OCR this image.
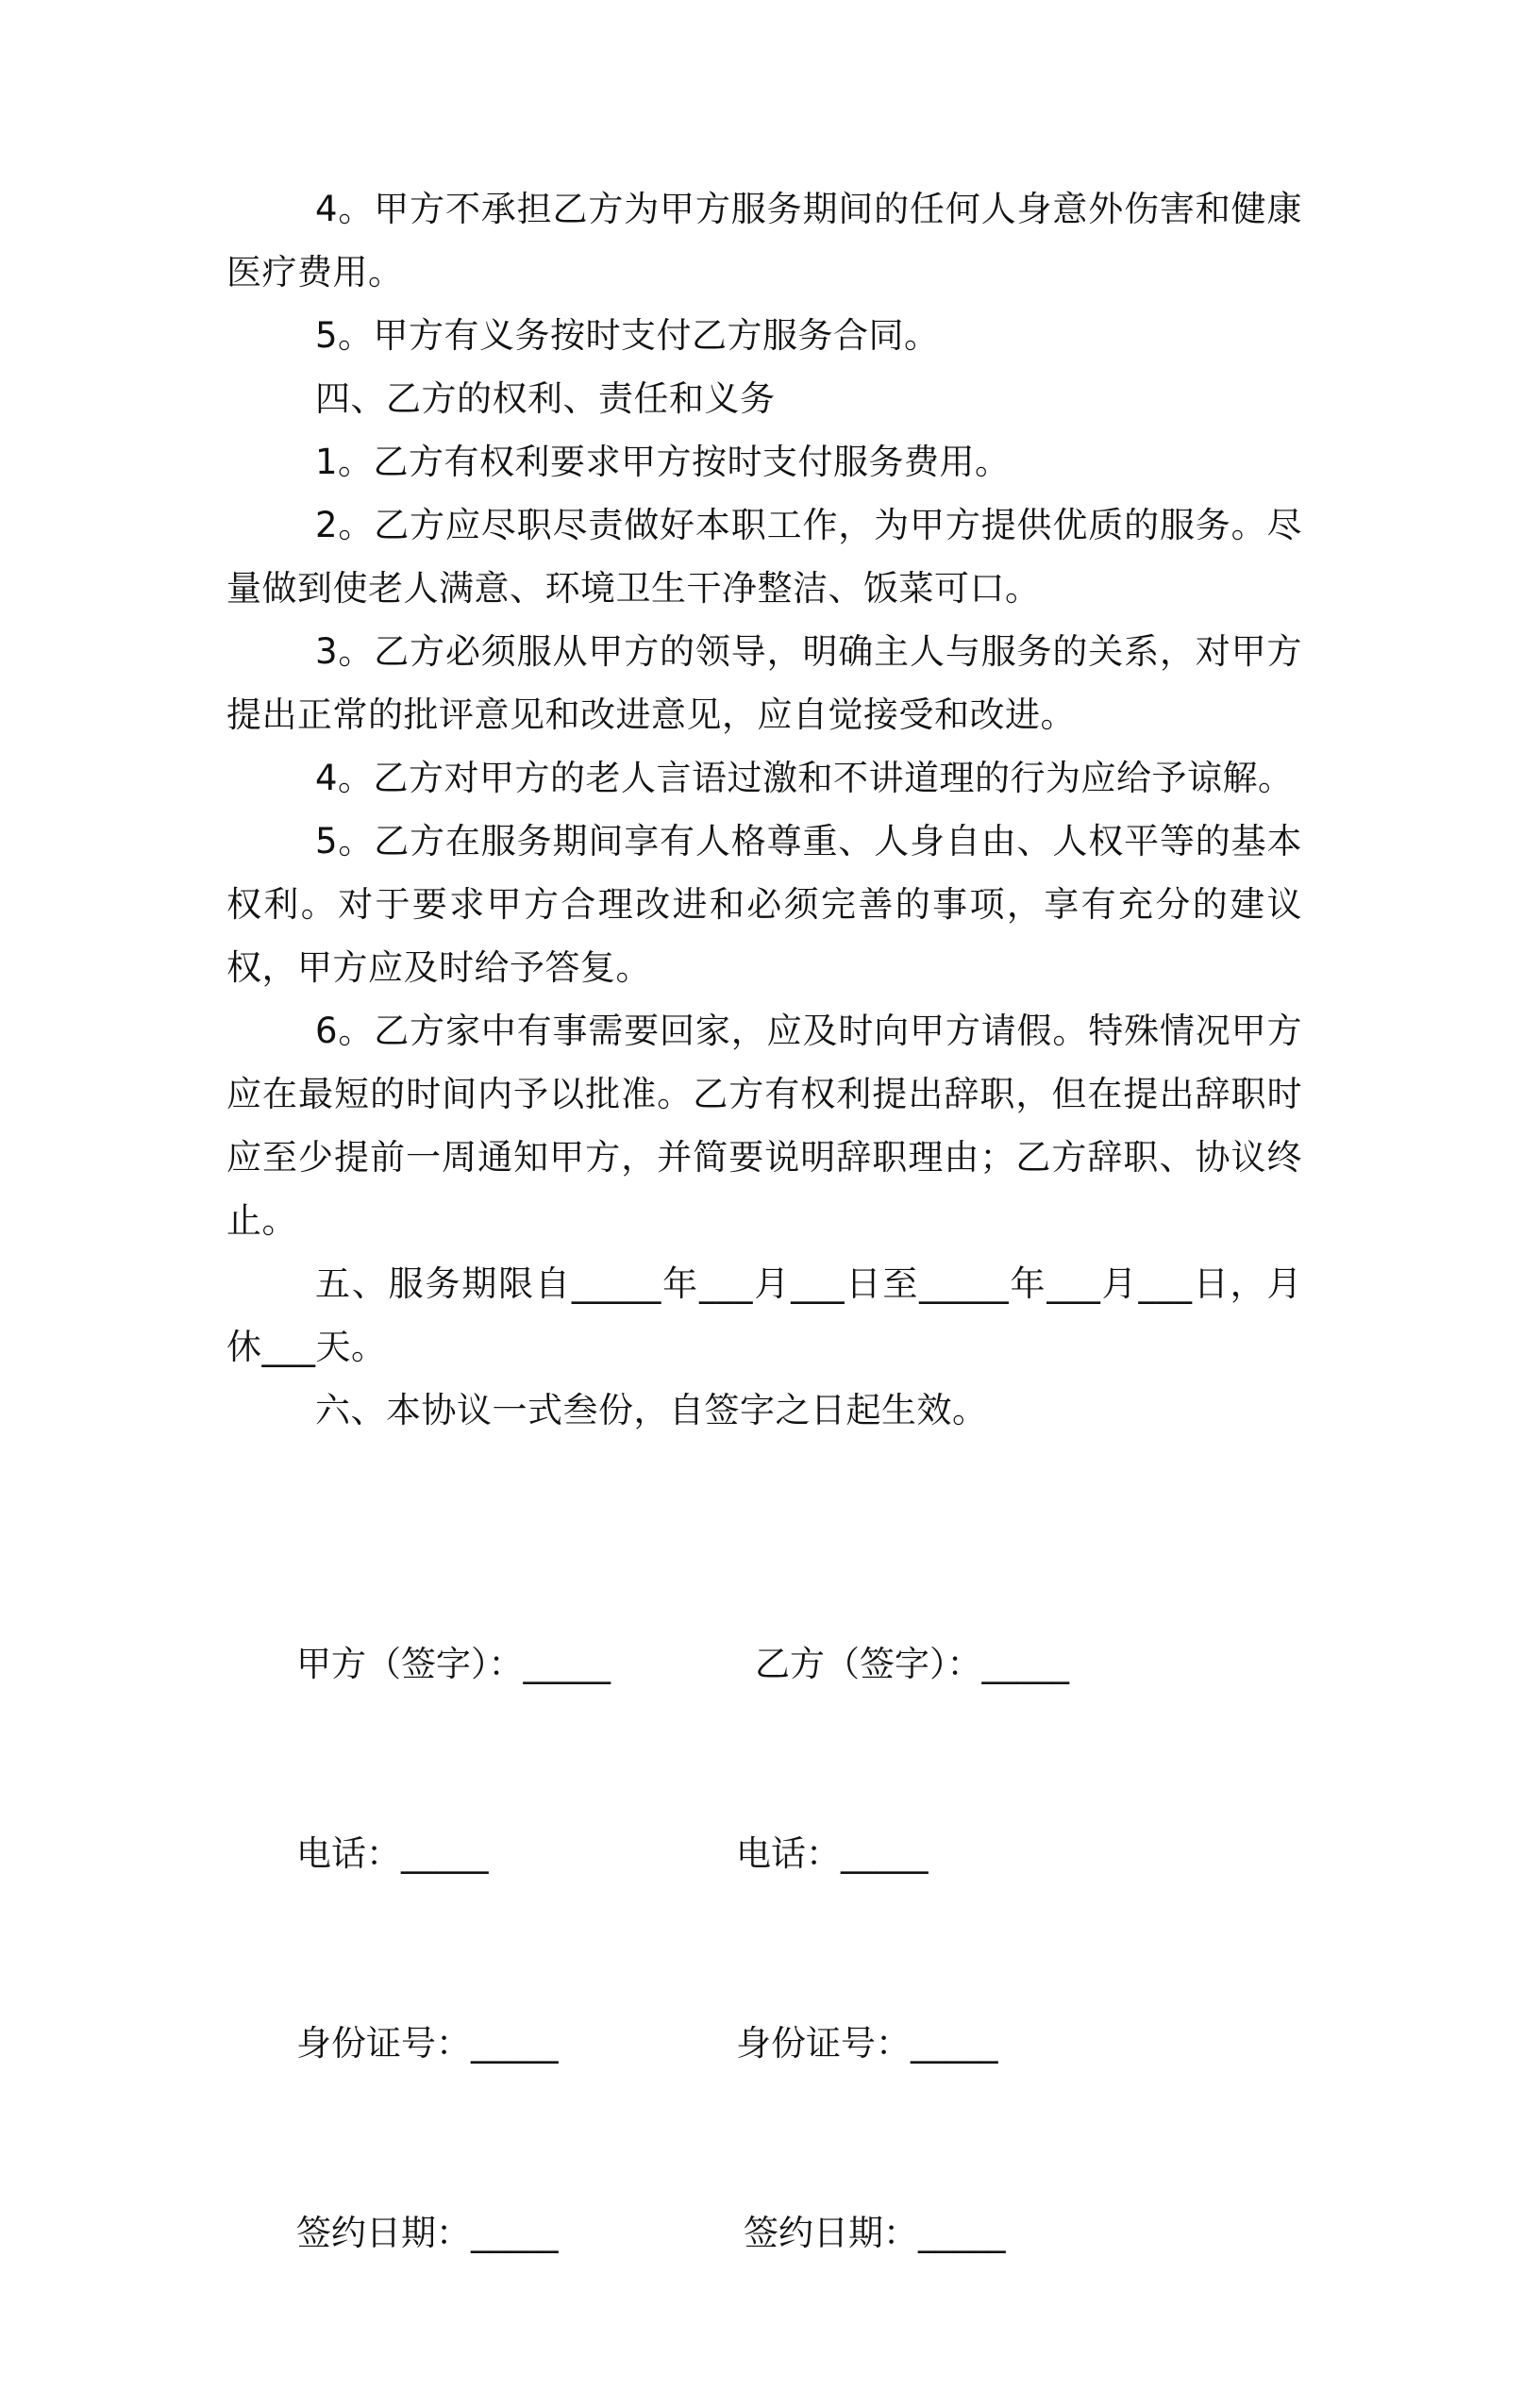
4。甲方不承担乙方为甲方服务期间的任何人身意外伤害和健康医疗费用。

5。甲方有义务按时支付乙方服务合同。

四、乙方的权利、责任和义务

1。乙方有权利要求甲方按时支付服务费用。

2。乙方应尽职尽责做好本职工作，为甲方提供优质的服务。尽量做到使老人满意、环境卫生干净整洁、饭菜可口。

3。乙方必须服从甲方的领导，明确主人与服务的关系，对甲方提出正常的批评意见和改进意见，应自觉接受和改进。

4。乙方对甲方的老人言语过激和不讲道理的行为应给予谅解。

5。乙方在服务期间享有人格尊重、人身自由、人权平等的基本权利。对于要求甲方合理改进和必须完善的事项，享有充分的建议权，甲方应及时给予答复。

6。乙方家中有事需要回家，应及时向甲方请假。特殊情况甲方应在最短的时间内予以批准。乙方有权利提出辞职，但在提出辞职时应至少提前一周通知甲方，并简要说明辞职理由；乙方辞职、协议终止。

五、服务期限自_____年___月___日至_____年___月___日，月休___天。

六、本协议一式叁份，自签字之日起生效。

甲方（签字）：_____

电话：_____

身份证号：_____

签约日期：_____

乙方（签字）：_____

电话：_____

身份证号：_____

签约日期：_____
